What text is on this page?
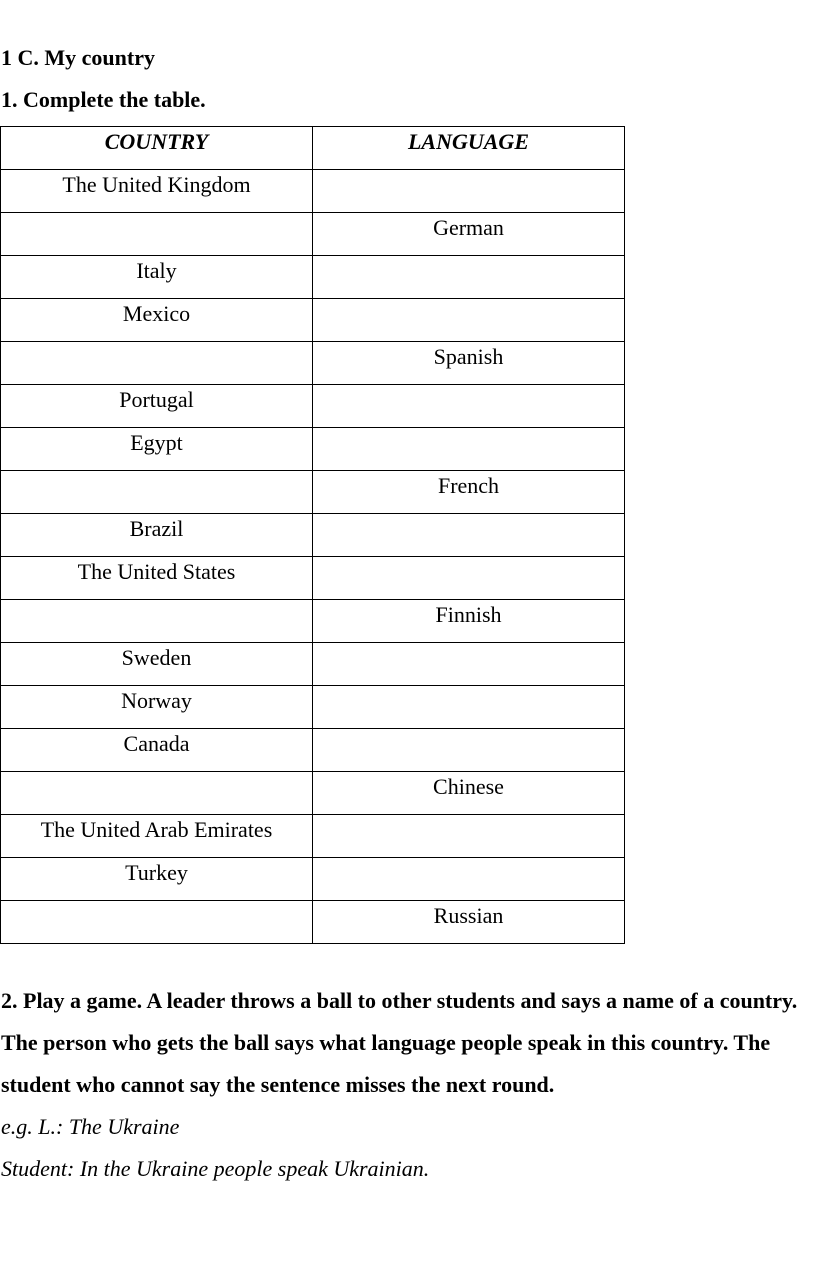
1 C. My country
1. Complete the table.
COUNTRY	LANGUAGE
The United Kingdom	
	German
Italy	
Mexico	
	Spanish
Portugal	
Egypt	
	French
Brazil	
The United States	
	Finnish
Sweden	
Norway	
Canada	
	Chinese
The United Arab Emirates	
Turkey	
	Russian
2. Play a game. A leader throws a ball to other students and says a name of a country. The person who gets the ball says what language people speak in this country. The student who cannot say the sentence misses the next round.
e.g. L.: The Ukraine
Student: In the Ukraine people speak Ukrainian.
